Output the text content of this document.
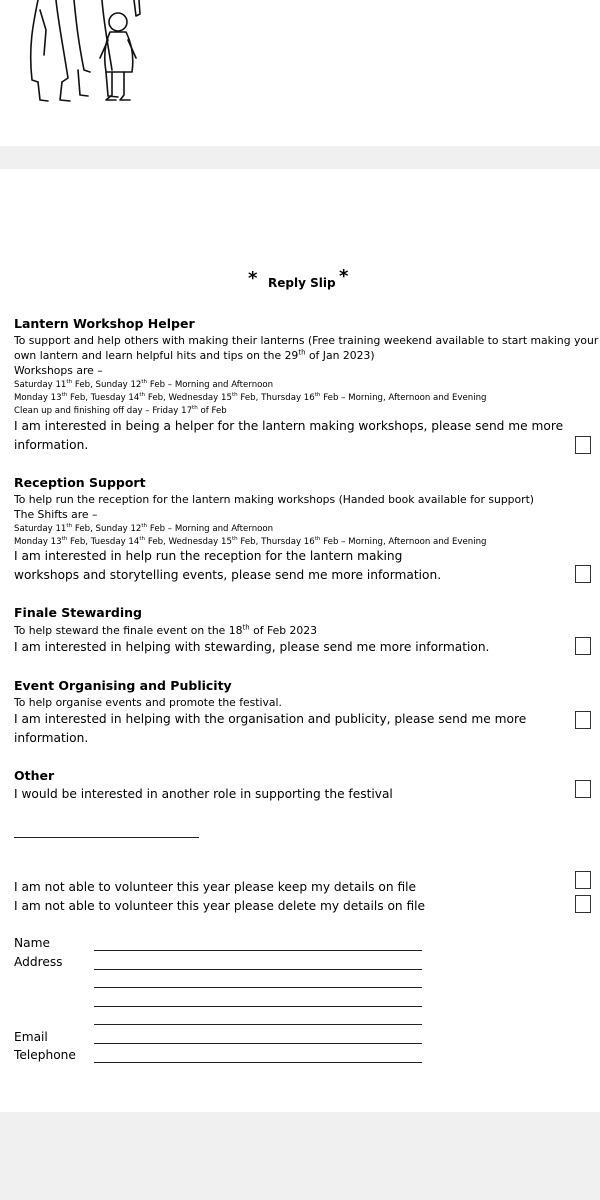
* Reply Slip *
Lantern Workshop Helper
To support and help others with making their lanterns (Free training weekend available to start making your
own lantern and learn helpful hits and tips on the 29th of Jan 2023)
Workshops are –
Saturday 11th Feb, Sunday 12th Feb – Morning and Afternoon
Monday 13th Feb, Tuesday 14th Feb, Wednesday 15th Feb, Thursday 16th Feb – Morning, Afternoon and Evening
Clean up and finishing off day – Friday 17th of Feb
I am interested in being a helper for the lantern making workshops, please send me more
information.
Reception Support
To help run the reception for the lantern making workshops (Handed book available for support)
The Shifts are –
Saturday 11th Feb, Sunday 12th Feb – Morning and Afternoon
Monday 13th Feb, Tuesday 14th Feb, Wednesday 15th Feb, Thursday 16th Feb – Morning, Afternoon and Evening
I am interested in help run the reception for the lantern making
workshops and storytelling events, please send me more information.
Finale Stewarding
To help steward the finale event on the 18th of Feb 2023
I am interested in helping with stewarding, please send me more information.
Event Organising and Publicity
To help organise events and promote the festival.
I am interested in helping with the organisation and publicity, please send me more
information.
Other
I would be interested in another role in supporting the festival
I am not able to volunteer this year please keep my details on file
I am not able to volunteer this year please delete my details on file
Name
Address
Email
Telephone
